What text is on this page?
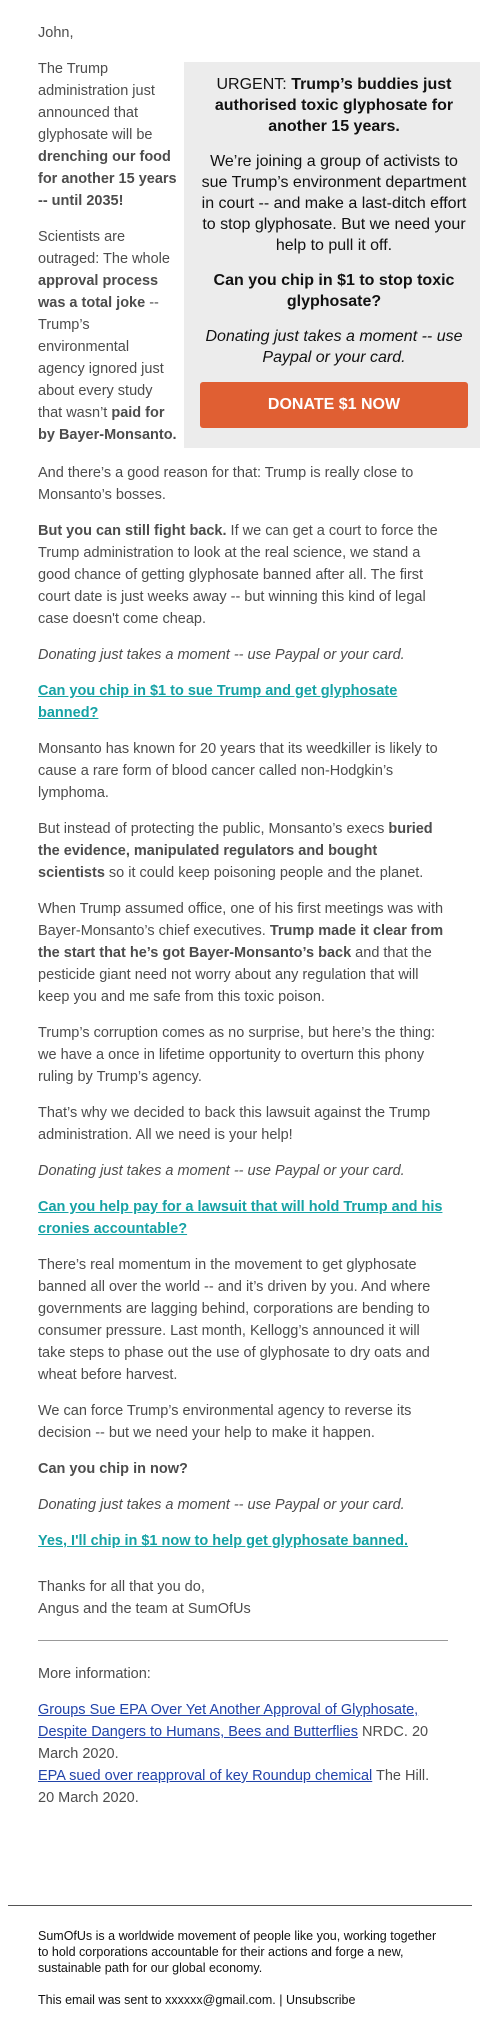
John,

URGENT: Trump’s buddies just authorised toxic glyphosate for another 15 years.

We’re joining a group of activists to sue Trump’s environment department in court -- and make a last-ditch effort to stop glyphosate. But we need your help to pull it off.

Can you chip in $1 to stop toxic glyphosate?

Donating just takes a moment -- use Paypal or your card.

DONATE $1 NOW

The Trump administration just announced that glyphosate will be drenching our food for another 15 years -- until 2035!

Scientists are outraged: The whole approval process was a total joke -- Trump’s environmental agency ignored just about every study that wasn’t paid for by Bayer-Monsanto.

And there’s a good reason for that: Trump is really close to Monsanto’s bosses.

But you can still fight back. If we can get a court to force the Trump administration to look at the real science, we stand a good chance of getting glyphosate banned after all. The first court date is just weeks away -- but winning this kind of legal case doesn't come cheap.

Donating just takes a moment -- use Paypal or your card.

Can you chip in $1 to sue Trump and get glyphosate banned?

Monsanto has known for 20 years that its weedkiller is likely to cause a rare form of blood cancer called non-Hodgkin’s lymphoma.

But instead of protecting the public, Monsanto’s execs buried the evidence, manipulated regulators and bought scientists so it could keep poisoning people and the planet.

When Trump assumed office, one of his first meetings was with Bayer-Monsanto’s chief executives. Trump made it clear from the start that he’s got Bayer-Monsanto’s back and that the pesticide giant need not worry about any regulation that will keep you and me safe from this toxic poison.

Trump’s corruption comes as no surprise, but here’s the thing: we have a once in lifetime opportunity to overturn this phony ruling by Trump’s agency.

That’s why we decided to back this lawsuit against the Trump administration. All we need is your help!

Donating just takes a moment -- use Paypal or your card.

Can you help pay for a lawsuit that will hold Trump and his cronies accountable?

There’s real momentum in the movement to get glyphosate banned all over the world -- and it’s driven by you. And where governments are lagging behind, corporations are bending to consumer pressure. Last month, Kellogg’s announced it will take steps to phase out the use of glyphosate to dry oats and wheat before harvest.

We can force Trump’s environmental agency to reverse its decision -- but we need your help to make it happen.

Can you chip in now?

Donating just takes a moment -- use Paypal or your card.

Yes, I'll chip in $1 now to help get glyphosate banned.

Thanks for all that you do,
Angus and the team at SumOfUs

More information:

Groups Sue EPA Over Yet Another Approval of Glyphosate, Despite Dangers to Humans, Bees and Butterflies NRDC. 20 March 2020.

EPA sued over reapproval of key Roundup chemical The Hill. 20 March 2020.

SumOfUs is a worldwide movement of people like you, working together to hold corporations accountable for their actions and forge a new, sustainable path for our global economy.

This email was sent to xxxxxx@gmail.com. | Unsubscribe
